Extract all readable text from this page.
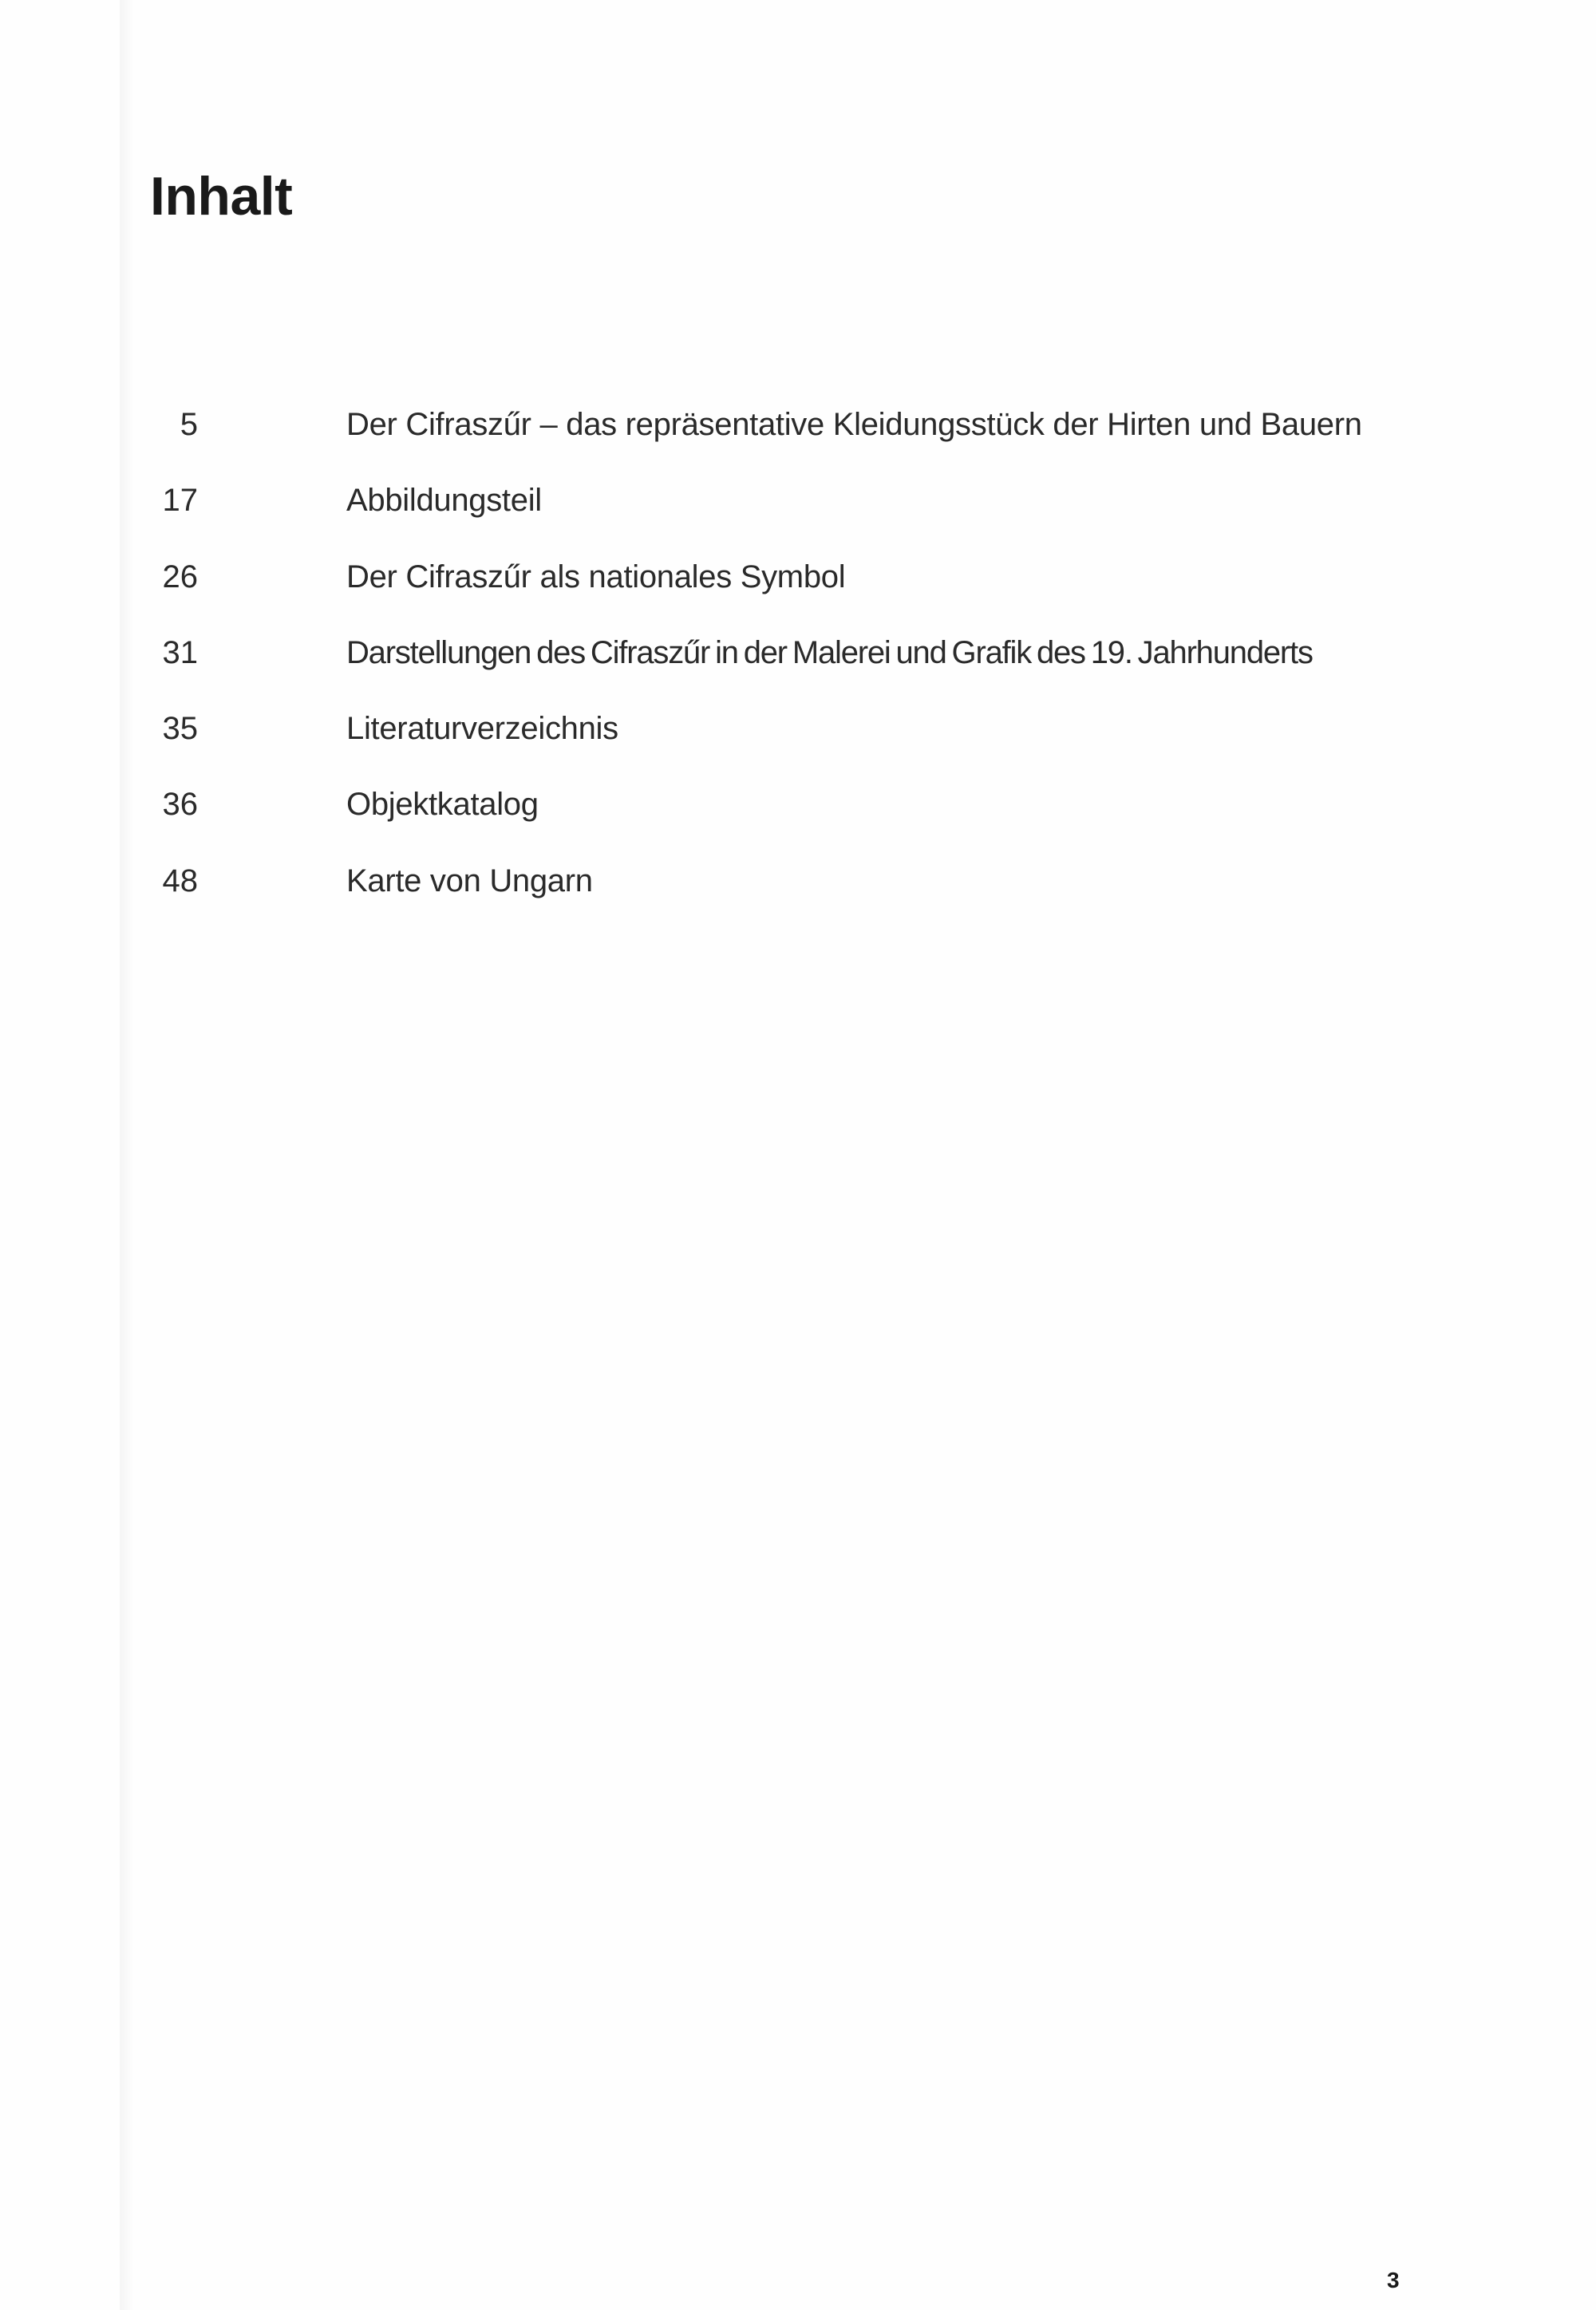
Inhalt
5	Der Cifraszűr – das repräsentative Kleidungsstück der Hirten und Bauern
17	Abbildungsteil
26	Der Cifraszűr als nationales Symbol
31	Darstellungen des Cifraszűr in der Malerei und Grafik des 19. Jahrhunderts
35	Literaturverzeichnis
36	Objektkatalog
48	Karte von Ungarn
3
